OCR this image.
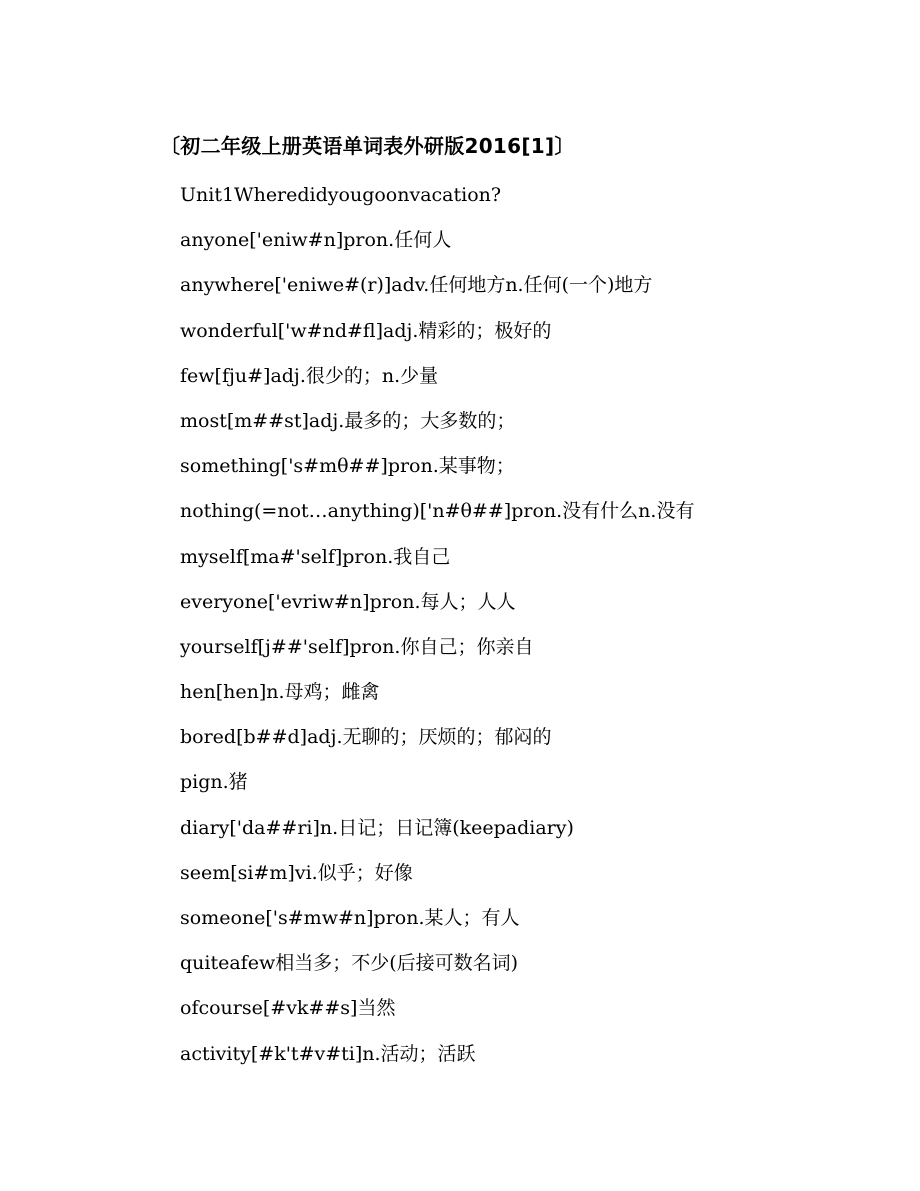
〔初二年级上册英语单词表外研版2016[1]〕
Unit1Wheredidyougoonvacation?
anyone['eniw#n]pron.任何人
anywhere['eniwe#(r)]adv.任何地方n.任何(一个)地方
wonderful['w#nd#fl]adj.精彩的；极好的
few[fju#]adj.很少的；n.少量
most[m##st]adj.最多的；大多数的；
something['s#mθ##]pron.某事物；
nothing(=not…anything)['n#θ##]pron.没有什么n.没有
myself[ma#'self]pron.我自己
everyone['evriw#n]pron.每人；人人
yourself[j##'self]pron.你自己；你亲自
hen[hen]n.母鸡；雌禽
bored[b##d]adj.无聊的；厌烦的；郁闷的
pign.猪
diary['da##ri]n.日记；日记簿(keepadiary)
seem[si#m]vi.似乎；好像
someone['s#mw#n]pron.某人；有人
quiteafew相当多；不少(后接可数名词)
ofcourse[#vk##s]当然
activity[#k't#v#ti]n.活动；活跃
